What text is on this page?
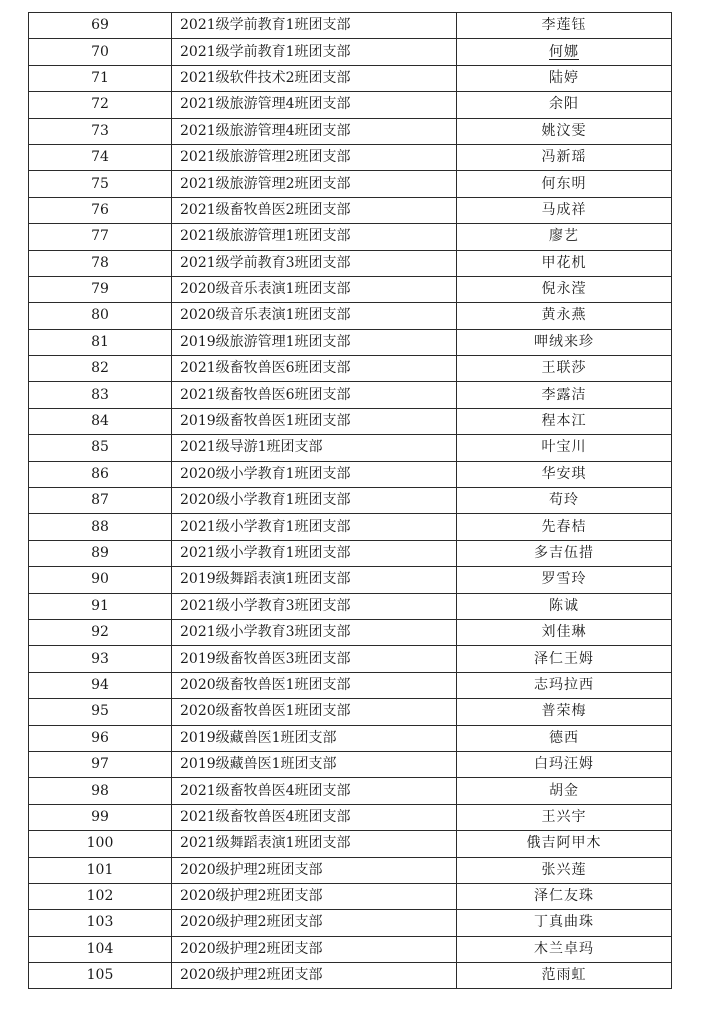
69	2021级学前教育1班团支部	李莲钰
70	2021级学前教育1班团支部	何娜
71	2021级软件技术2班团支部	陆婷
72	2021级旅游管理4班团支部	余阳
73	2021级旅游管理4班团支部	姚汶雯
74	2021级旅游管理2班团支部	冯新瑶
75	2021级旅游管理2班团支部	何东明
76	2021级畜牧兽医2班团支部	马成祥
77	2021级旅游管理1班团支部	廖艺
78	2021级学前教育3班团支部	甲花机
79	2020级音乐表演1班团支部	倪永滢
80	2020级音乐表演1班团支部	黄永燕
81	2019级旅游管理1班团支部	呷绒来珍
82	2021级畜牧兽医6班团支部	王联莎
83	2021级畜牧兽医6班团支部	李露洁
84	2019级畜牧兽医1班团支部	程本江
85	2021级导游1班团支部	叶宝川
86	2020级小学教育1班团支部	华安琪
87	2020级小学教育1班团支部	苟玲
88	2021级小学教育1班团支部	先春桔
89	2021级小学教育1班团支部	多吉伍措
90	2019级舞蹈表演1班团支部	罗雪玲
91	2021级小学教育3班团支部	陈诚
92	2021级小学教育3班团支部	刘佳琳
93	2019级畜牧兽医3班团支部	泽仁王姆
94	2020级畜牧兽医1班团支部	志玛拉西
95	2020级畜牧兽医1班团支部	普荣梅
96	2019级藏兽医1班团支部	德西
97	2019级藏兽医1班团支部	白玛汪姆
98	2021级畜牧兽医4班团支部	胡金
99	2021级畜牧兽医4班团支部	王兴宇
100	2021级舞蹈表演1班团支部	俄吉阿甲木
101	2020级护理2班团支部	张兴莲
102	2020级护理2班团支部	泽仁友珠
103	2020级护理2班团支部	丁真曲珠
104	2020级护理2班团支部	木兰卓玛
105	2020级护理2班团支部	范雨虹
